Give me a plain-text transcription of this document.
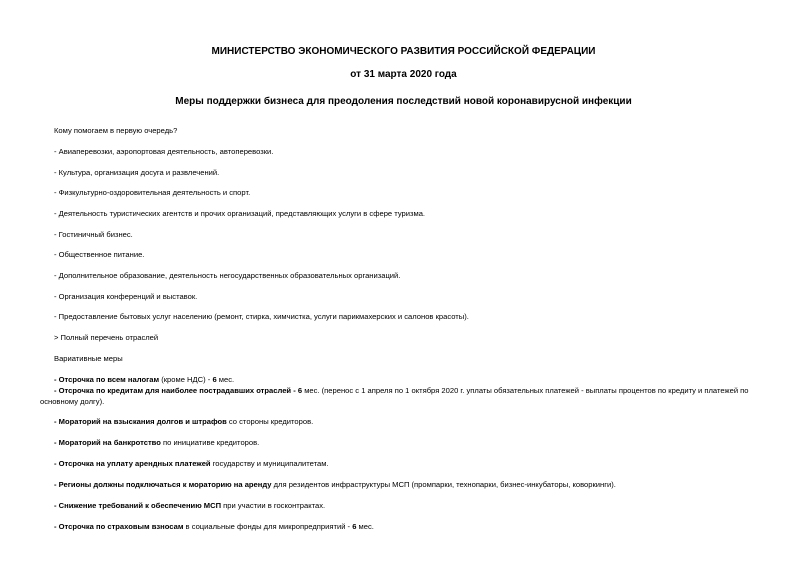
МИНИСТЕРСТВО ЭКОНОМИЧЕСКОГО РАЗВИТИЯ РОССИЙСКОЙ ФЕДЕРАЦИИ
от 31 марта 2020 года
Меры поддержки бизнеса для преодоления последствий новой коронавирусной инфекции
Кому помогаем в первую очередь?
- Авиаперевозки, аэропортовая деятельность, автоперевозки.
- Культура, организация досуга и развлечений.
- Физкультурно-оздоровительная деятельность и спорт.
- Деятельность туристических агентств и прочих организаций, представляющих услуги в сфере туризма.
- Гостиничный бизнес.
- Общественное питание.
- Дополнительное образование, деятельность негосударственных образовательных организаций.
- Организация конференций и выставок.
- Предоставление бытовых услуг населению (ремонт, стирка, химчистка, услуги парикмахерских и салонов красоты).
> Полный перечень отраслей
Вариативные меры
- Отсрочка по всем налогам (кроме НДС) - 6 мес.
- Отсрочка по кредитам для наиболее пострадавших отраслей - 6 мес. (перенос с 1 апреля по 1 октября 2020 г. уплаты обязательных платежей - выплаты процентов по кредиту и платежей по основному долгу).
- Мораторий на взыскания долгов и штрафов со стороны кредиторов.
- Мораторий на банкротство по инициативе кредиторов.
- Отсрочка на уплату арендных платежей государству и муниципалитетам.
- Регионы должны подключаться к мораторию на аренду для резидентов инфраструктуры МСП (промпарки, технопарки, бизнес-инкубаторы, коворкинги).
- Снижение требований к обеспечению МСП при участии в госконтрактах.
- Отсрочка по страховым взносам в социальные фонды для микропредприятий - 6 мес.
